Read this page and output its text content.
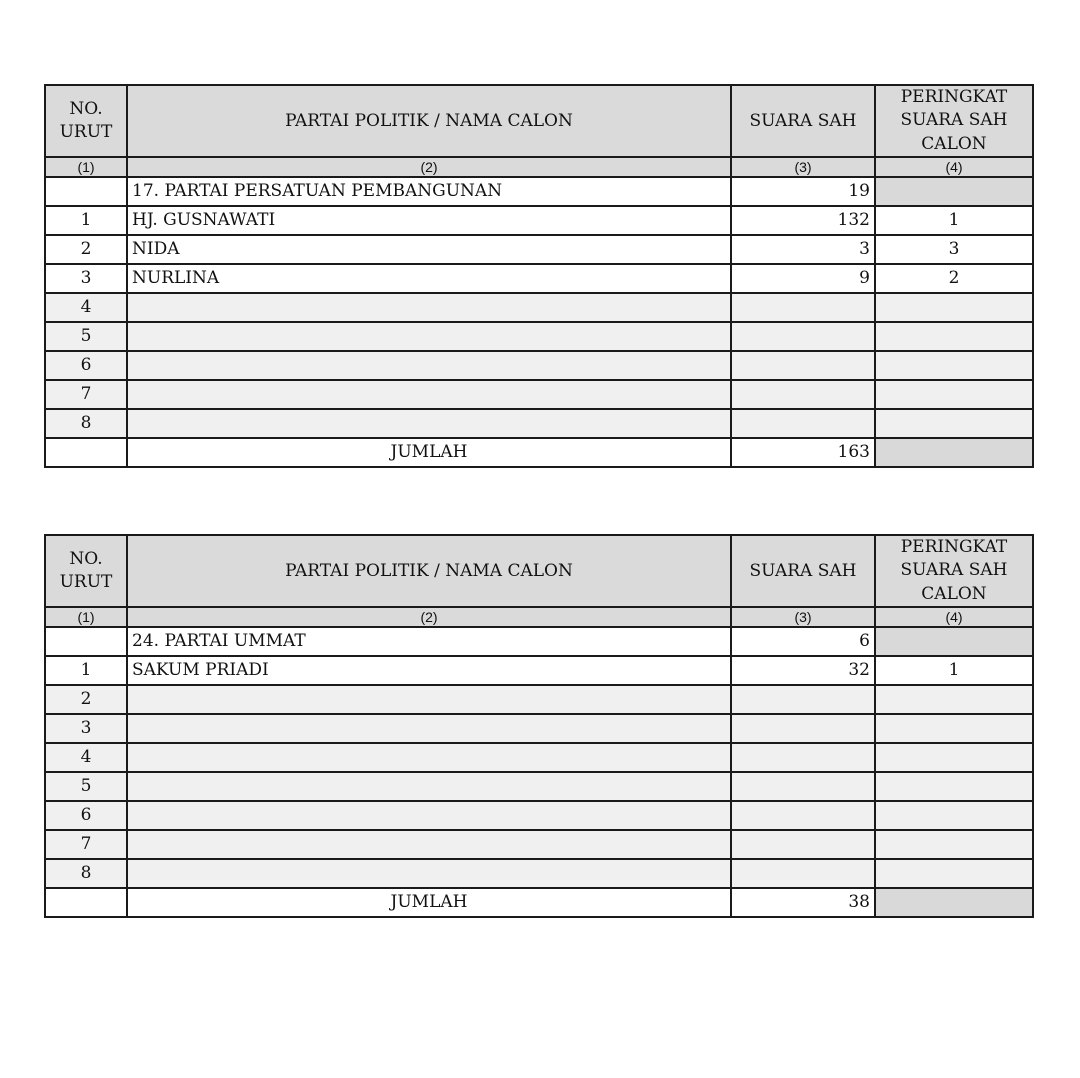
NO. URUT	PARTAI POLITIK / NAMA CALON	SUARA SAH	PERINGKAT SUARA SAH CALON
(1)	(2)	(3)	(4)
	17. PARTAI PERSATUAN PEMBANGUNAN	19	
1	HJ. GUSNAWATI	132	1
2	NIDA	3	3
3	NURLINA	9	2
4			
5			
6			
7			
8			
	JUMLAH	163	
NO. URUT	PARTAI POLITIK / NAMA CALON	SUARA SAH	PERINGKAT SUARA SAH CALON
(1)	(2)	(3)	(4)
	24. PARTAI UMMAT	6	
1	SAKUM PRIADI	32	1
2			
3			
4			
5			
6			
7			
8			
	JUMLAH	38	
